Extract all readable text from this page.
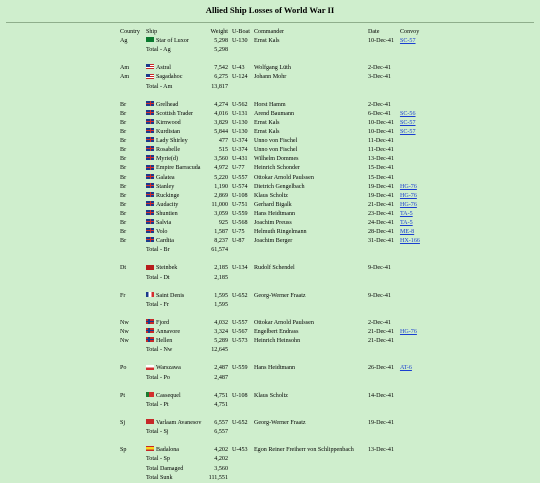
Allied Ship Losses of World War II
Country	Ship	Weight	U-Boat	Commander	Date	Convoy
Ag	Star of Luxor	5,298	U-130	Ernst Kals	10-Dec-41	SC-57
	Total - Ag	5,298				

Am	Astral	7,542	U-43	Wolfgang Lüth	2-Dec-41	
Am	Sagadahoc	6,275	U-124	Johann Mohr	3-Dec-41	
	Total - Am	13,817				

Br	Grelhead	4,274	U-562	Horst Hamm	2-Dec-41	
Br	Scottish Trader	4,016	U-131	Arend Baumann	6-Dec-41	SC-56
Br	Kirnwood	3,829	U-130	Ernst Kals	10-Dec-41	SC-57
Br	Kurdistan	5,844	U-130	Ernst Kals	10-Dec-41	SC-57
Br	Lady Shirley	477	U-374	Unno von Fischel	11-Dec-41	
Br	Rosabelle	515	U-374	Unno von Fischel	11-Dec-41	
Br	Myrie(d)	3,560	U-431	Wilhelm Dommes	13-Dec-41	
Br	Empire Barracuda	4,972	U-77	Heinrich Schonder	15-Dec-41	
Br	Galatea	5,220	U-557	Ottokar Arnold Paulssen	15-Dec-41	
Br	Stanley	1,190	U-574	Dietrich Gengelbach	19-Dec-41	HG-76
Br	Ruckinge	2,869	U-108	Klaus Scholtz	19-Dec-41	HG-76
Br	Audacity	11,000	U-751	Gerhard Bigalk	21-Dec-41	HG-76
Br	Shuntien	3,059	U-559	Hans Heidtmann	23-Dec-41	TA-5
Br	Salvia	925	U-568	Joachim Preuss	24-Dec-41	TA-5
Br	Volo	1,587	U-75	Helmuth Ringelmann	28-Dec-41	ME-8
Br	Cardita	8,237	U-87	Joachim Berger	31-Dec-41	HX-166
	Total - Br	61,574				

Dt	Steinbek	2,185	U-134	Rudolf Schendel	9-Dec-41	
	Total - Dt	2,185				

Fr	Saint Denis	1,595	U-652	Georg-Werner Fraatz	9-Dec-41	
	Total - Fr	1,595				

Nw	Fjord	4,032	U-557	Ottokar Arnold Paulssen	2-Dec-41	
Nw	Annavore	3,324	U-567	Engelbert Endrass	21-Dec-41	HG-76
Nw	Hellen	5,289	U-573	Heinrich Heinsohn	21-Dec-41	
	Total - Nw	12,645				

Po	Warszawa	2,487	U-559	Hans Heidtmann	26-Dec-41	AT-6
	Total - Po	2,487				

Pt	Cassequel	4,751	U-108	Klaus Scholtz	14-Dec-41	
	Total - Pt	4,751				

Sj	Varlaam Avanesov	6,557	U-652	Georg-Werner Fraatz	19-Dec-41	
	Total - Sj	6,557				

Sp	Badalona	4,202	U-453	Egon Reiner Freiherr von Schlippenbach	13-Dec-41	
	Total - Sp	4,202				
	Total Damaged	3,560				
	Total Sunk	111,551				
